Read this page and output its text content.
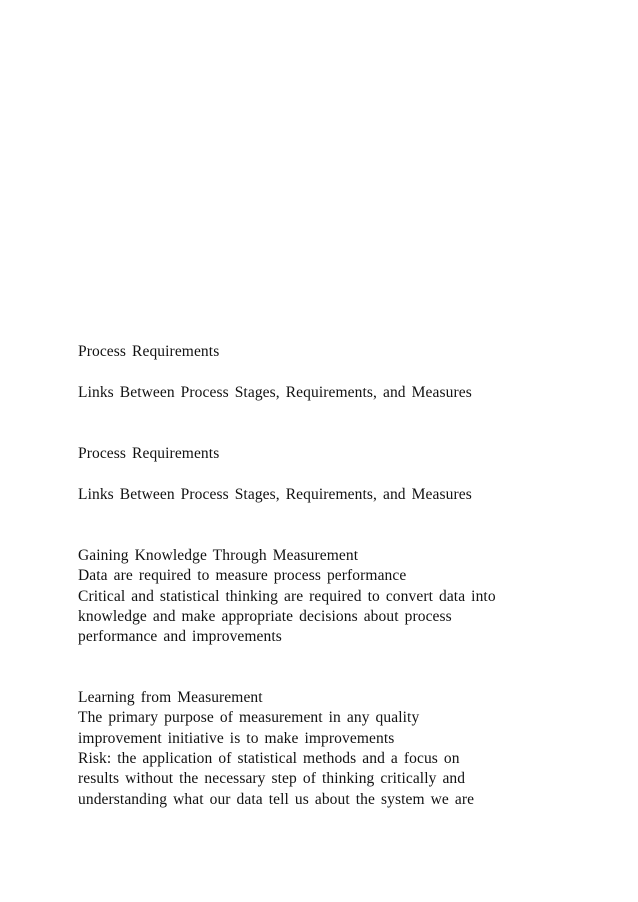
Process Requirements
Links Between Process Stages, Requirements, and Measures
Process Requirements
Links Between Process Stages, Requirements, and Measures
Gaining Knowledge Through Measurement
Data are required to measure process performance
Critical and statistical thinking are required to convert data into
knowledge and make appropriate decisions about process
performance and improvements
Learning from Measurement
The primary purpose of measurement in any quality
improvement initiative is to make improvements
Risk: the application of statistical methods and a focus on
results without the necessary step of thinking critically and
understanding what our data tell us about the system we are
